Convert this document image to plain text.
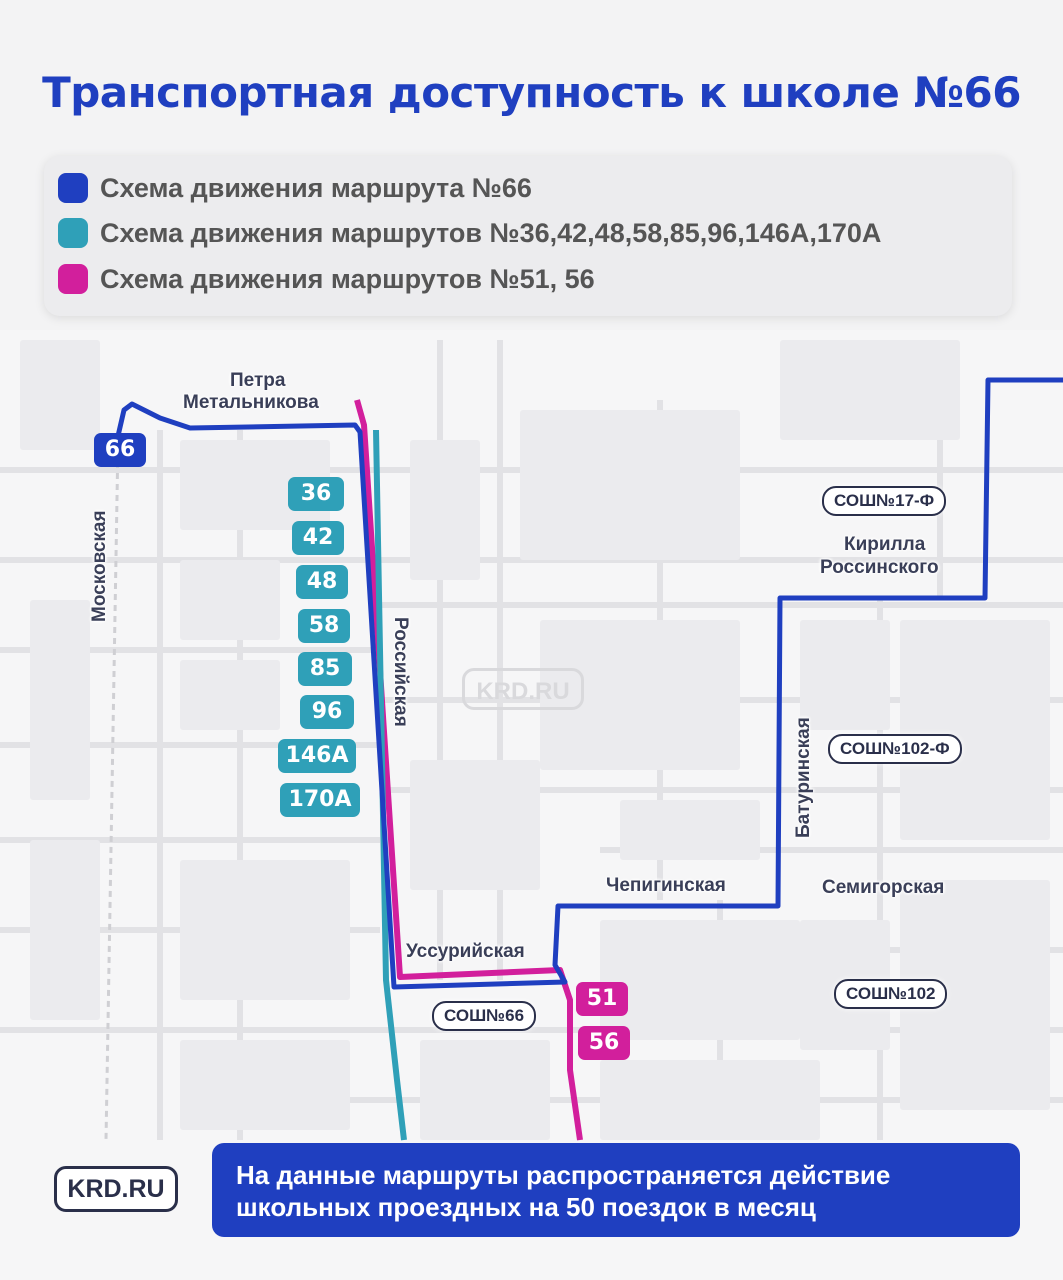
Транспортная доступность к школе №66
Схема движения маршрута №66
Схема движения маршрутов №36,42,48,58,85,96,146А,170А
Схема движения маршрутов №51, 56
Петра
Метальникова
Московская
Российская
Кирилла
Россинского
Батуринская
Чепигинская	Семигорская
Уссурийская
СОШ№17-Ф
СОШ№102-Ф
СОШ№102
СОШ№66
66
36
42
48
58
85
96
146А
170А
51
56
KRD.RU
KRD.RU	На данные маршруты распространяется действие
школьных проездных на 50 поездок в месяц
